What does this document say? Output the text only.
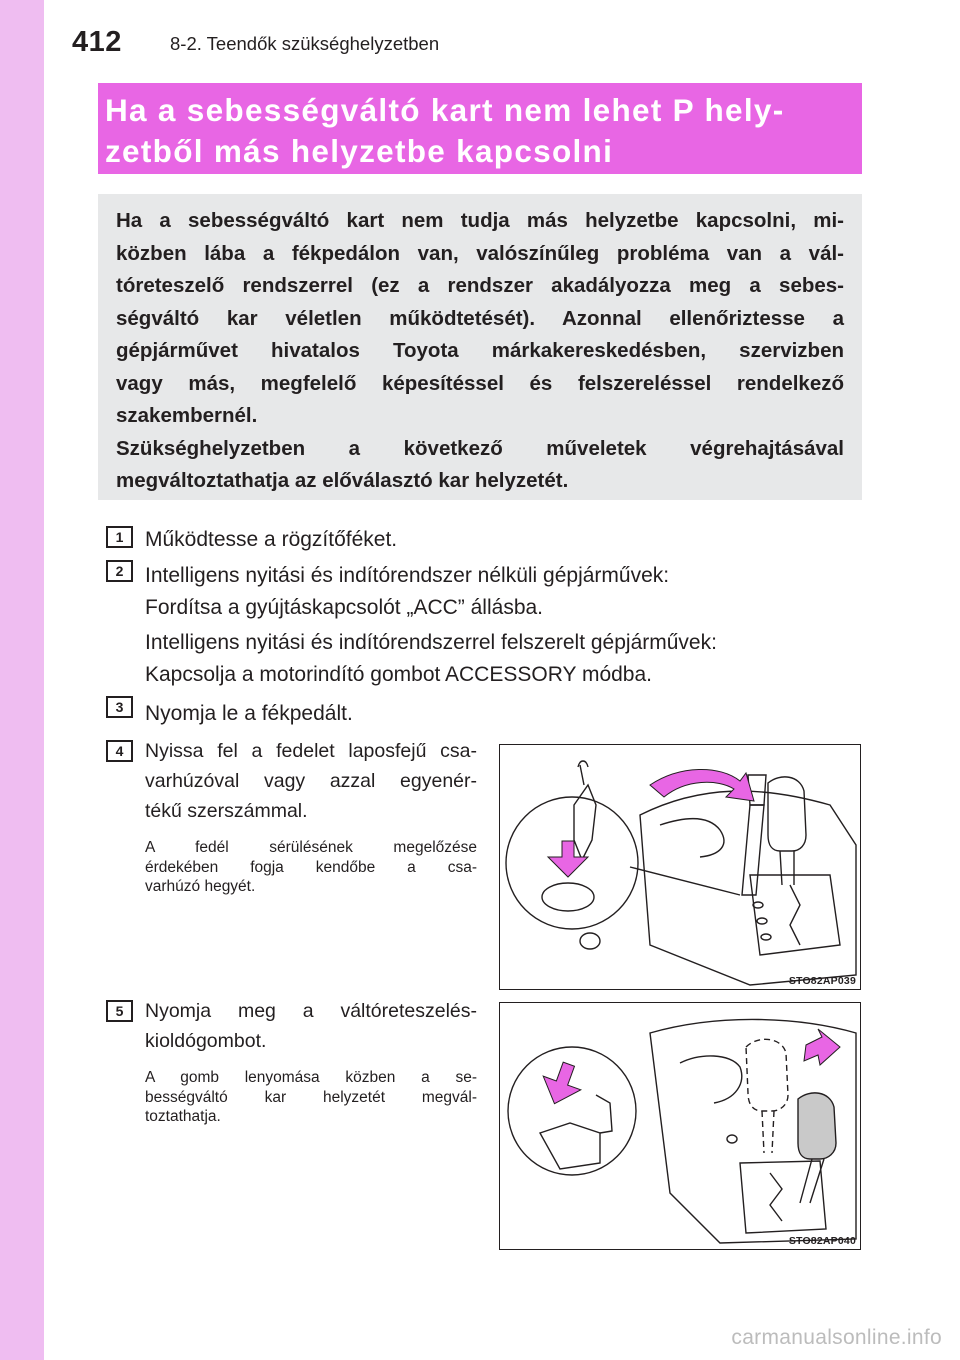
412	8-2. Teendők szükséghelyzetben
Ha a sebességváltó kart nem lehet P hely-
zetből más helyzetbe kapcsolni
Ha a sebességváltó kart nem tudja más helyzetbe kapcsolni, mi-
közben lába a fékpedálon van, valószínűleg probléma van a vál-
tóreteszelő rendszerrel (ez a rendszer akadályozza meg a sebes-
ségváltó kar véletlen működtetését). Azonnal ellenőriztesse a
gépjárművet hivatalos Toyota márkakereskedésben, szervizben
vagy más, megfelelő képesítéssel és felszereléssel rendelkező
szakembernél.
Szükséghelyzetben a következő műveletek végrehajtásával
megváltoztathatja az előválasztó kar helyzetét.
1	Működtesse a rögzítőféket.
2	Intelligens nyitási és indítórendszer nélküli gépjárművek:
Fordítsa a gyújtáskapcsolót „ACC” állásba.
Intelligens nyitási és indítórendszerrel felszerelt gépjárművek:
Kapcsolja a motorindító gombot ACCESSORY módba.
3	Nyomja le a fékpedált.
4	Nyissa fel a fedelet laposfejű csa-
varhúzóval vagy azzal egyenér-
tékű szerszámmal.
A fedél sérülésének megelőzése
érdekében fogja kendőbe a csa-
varhúzó hegyét.
STO82AP039
5	Nyomja meg a váltóreteszelés-
kioldógombot.
A gomb lenyomása közben a se-
bességváltó kar helyzetét megvál-
toztathatja.
STO82AP040
carmanualsonline.info
